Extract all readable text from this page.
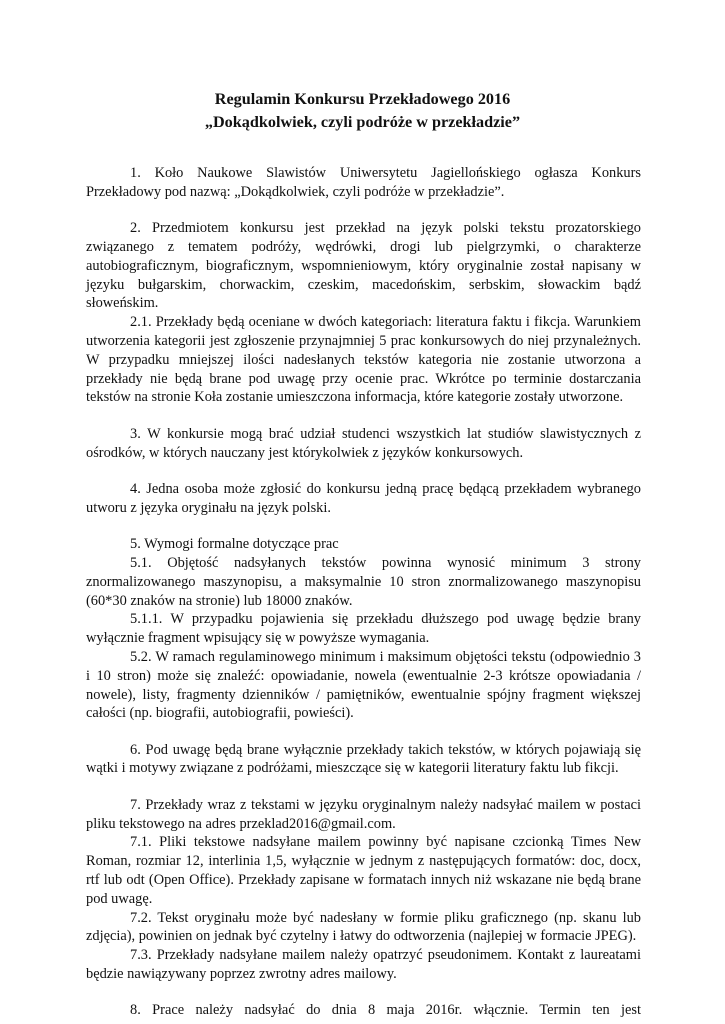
Regulamin Konkursu Przekładowego 2016
„Dokądkolwiek, czyli podróże w przekładzie”

1. Koło Naukowe Slawistów Uniwersytetu Jagiellońskiego ogłasza Konkurs Przekładowy pod nazwą: „Dokądkolwiek, czyli podróże w przekładzie”.

2. Przedmiotem konkursu jest przekład na język polski tekstu prozatorskiego związanego z tematem podróży, wędrówki, drogi lub pielgrzymki, o charakterze autobiograficznym, biograficznym, wspomnieniowym, który oryginalnie został napisany w języku bułgarskim, chorwackim, czeskim, macedońskim, serbskim, słowackim bądź słoweńskim.

2.1. Przekłady będą oceniane w dwóch kategoriach: literatura faktu i fikcja. Warunkiem utworzenia kategorii jest zgłoszenie przynajmniej 5 prac konkursowych do niej przynależnych. W przypadku mniejszej ilości nadesłanych tekstów kategoria nie zostanie utworzona a przekłady nie będą brane pod uwagę przy ocenie prac. Wkrótce po terminie dostarczania tekstów na stronie Koła zostanie umieszczona informacja, które kategorie zostały utworzone.

3. W konkursie mogą brać udział studenci wszystkich lat studiów slawistycznych z ośrodków, w których nauczany jest którykolwiek z języków konkursowych.

4. Jedna osoba może zgłosić do konkursu jedną pracę będącą przekładem wybranego utworu z języka oryginału na język polski.

5. Wymogi formalne dotyczące prac

5.1. Objętość nadsyłanych tekstów powinna wynosić minimum 3 strony znormalizowanego maszynopisu, a maksymalnie 10 stron znormalizowanego maszynopisu (60*30 znaków na stronie) lub 18000 znaków.

5.1.1. W przypadku pojawienia się przekładu dłuższego pod uwagę będzie brany wyłącznie fragment wpisujący się w powyższe wymagania.

5.2. W ramach regulaminowego minimum i maksimum objętości tekstu (odpowiednio 3 i 10 stron) może się znaleźć: opowiadanie, nowela (ewentualnie 2-3 krótsze opowiadania / nowele), listy, fragmenty dzienników / pamiętników, ewentualnie spójny fragment większej całości (np. biografii, autobiografii, powieści).

6. Pod uwagę będą brane wyłącznie przekłady takich tekstów, w których pojawiają się wątki i motywy związane z podróżami, mieszczące się w kategorii literatury faktu lub fikcji.

7. Przekłady wraz z tekstami w języku oryginalnym należy nadsyłać mailem w postaci pliku tekstowego na adres przeklad2016@gmail.com.

7.1. Pliki tekstowe nadsyłane mailem powinny być napisane czcionką Times New Roman, rozmiar 12, interlinia 1,5, wyłącznie w jednym z następujących formatów: doc, docx, rtf lub odt (Open Office). Przekłady zapisane w formatach innych niż wskazane nie będą brane pod uwagę.

7.2. Tekst oryginału może być nadesłany w formie pliku graficznego (np. skanu lub zdjęcia), powinien on jednak być czytelny i łatwy do odtworzenia (najlepiej w formacie JPEG).

7.3. Przekłady nadsyłane mailem należy opatrzyć pseudonimem. Kontakt z laureatami będzie nawiązywany poprzez zwrotny adres mailowy.

8. Prace należy nadsyłać do dnia 8 maja 2016r. włącznie. Termin ten jest
